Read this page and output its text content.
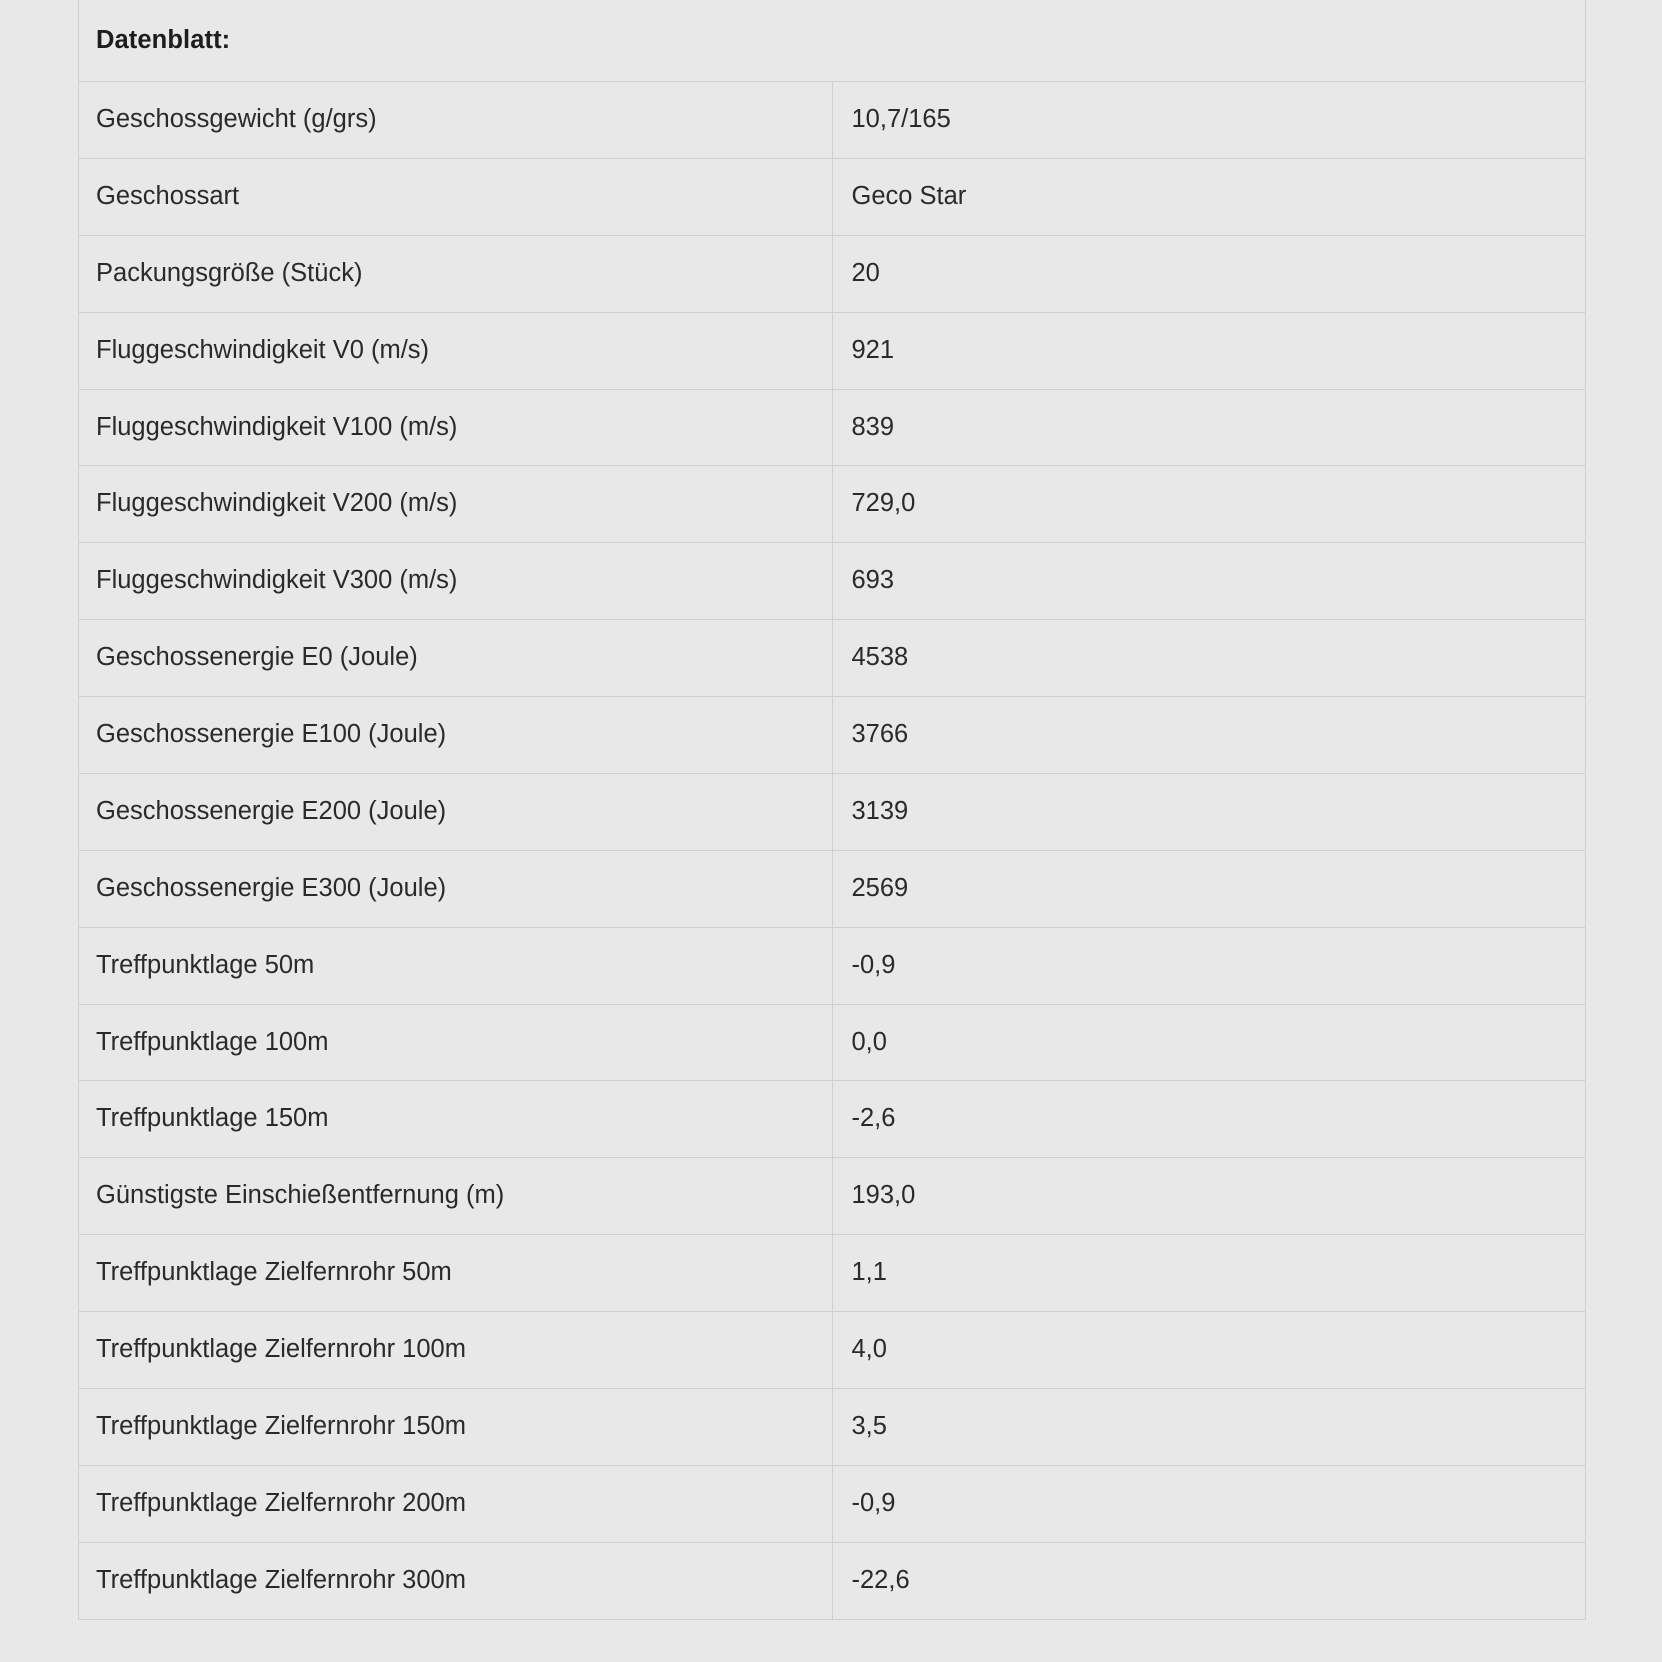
Datenblatt:	
Geschossgewicht (g/grs)	10,7/165
Geschossart	Geco Star
Packungsgröße (Stück)	20
Fluggeschwindigkeit V0 (m/s)	921
Fluggeschwindigkeit V100 (m/s)	839
Fluggeschwindigkeit V200 (m/s)	729,0
Fluggeschwindigkeit V300 (m/s)	693
Geschossenergie E0 (Joule)	4538
Geschossenergie E100 (Joule)	3766
Geschossenergie E200 (Joule)	3139
Geschossenergie E300 (Joule)	2569
Treffpunktlage 50m	-0,9
Treffpunktlage 100m	0,0
Treffpunktlage 150m	-2,6
Günstigste Einschießentfernung (m)	193,0
Treffpunktlage Zielfernrohr 50m	1,1
Treffpunktlage Zielfernrohr 100m	4,0
Treffpunktlage Zielfernrohr 150m	3,5
Treffpunktlage Zielfernrohr 200m	-0,9
Treffpunktlage Zielfernrohr 300m	-22,6
